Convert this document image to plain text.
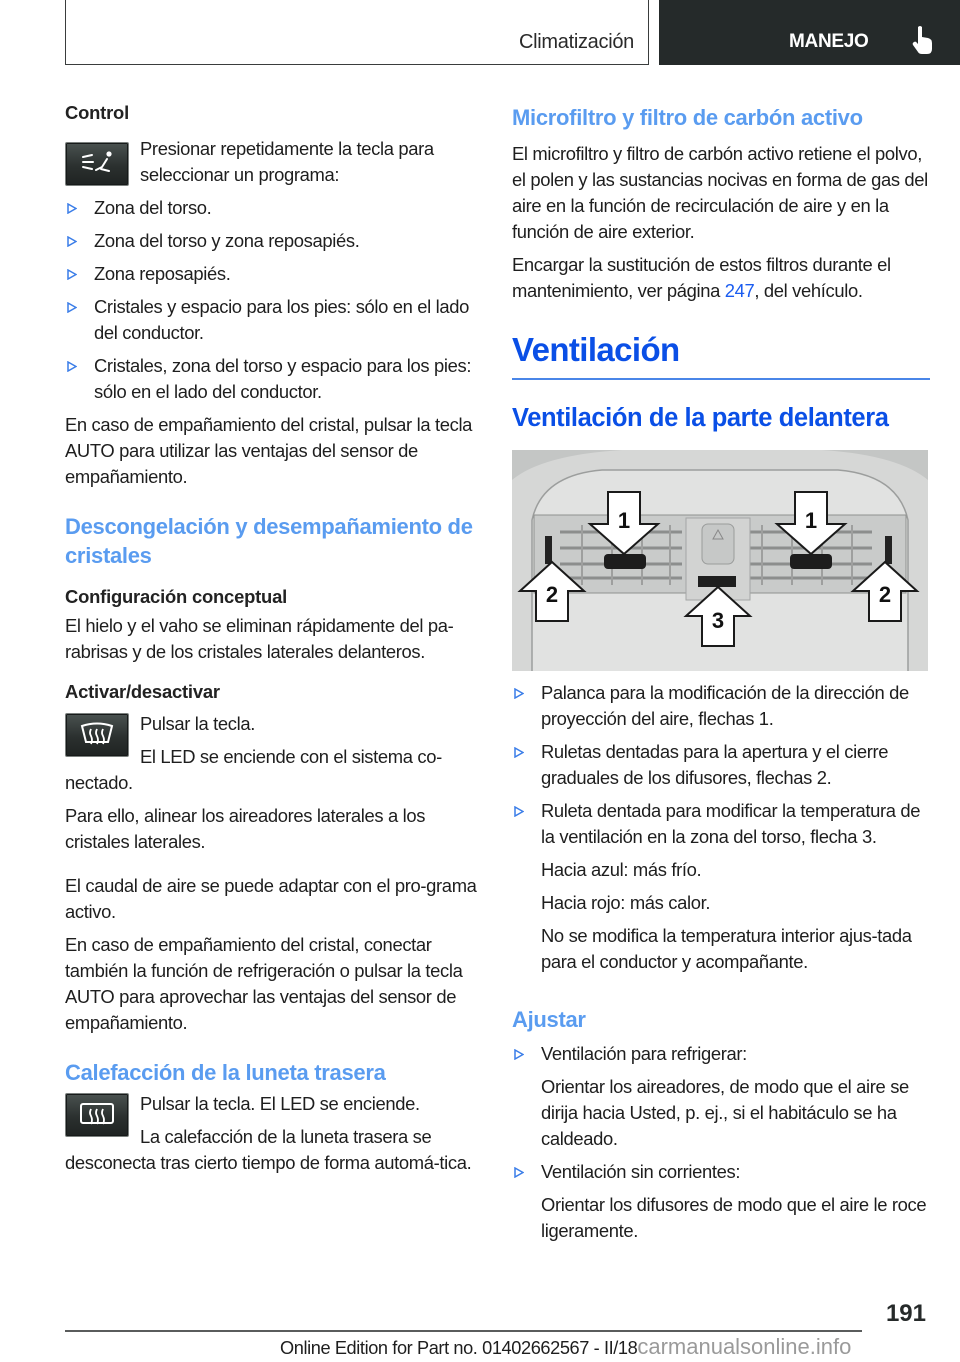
Climatización	MANEJO
Control
Presionar repetidamente la tecla para seleccionar un programa:
Zona del torso.
Zona del torso y zona reposapiés.
Zona reposapiés.
Cristales y espacio para los pies: sólo en el lado del conductor.
Cristales, zona del torso y espacio para los pies: sólo en el lado del conductor.
En caso de empañamiento del cristal, pulsar la tecla AUTO para utilizar las ventajas del sensor de empañamiento.
Descongelación y desempañamiento de cristales
Configuración conceptual
El hielo y el vaho se eliminan rápidamente del pa-rabrisas y de los cristales laterales delanteros.
Activar/desactivar
Pulsar la tecla.
El LED se enciende con el sistema co-nectado.
Para ello, alinear los aireadores laterales a los cristales laterales.
El caudal de aire se puede adaptar con el pro-grama activo.
En caso de empañamiento del cristal, conectar también la función de refrigeración o pulsar la tecla AUTO para aprovechar las ventajas del sensor de empañamiento.
Calefacción de la luneta trasera
Pulsar la tecla. El LED se enciende.
La calefacción de la luneta trasera se desconecta tras cierto tiempo de forma automá-tica.
Microfiltro y filtro de carbón activo
El microfiltro y filtro de carbón activo retiene el polvo, el polen y las sustancias nocivas en forma de gas del aire en la función de recirculación de aire y en la función de aire exterior.
Encargar la sustitución de estos filtros durante el mantenimiento, ver página 247, del vehículo.
Ventilación
Ventilación de la parte delantera
1	1
2	2
3
Palanca para la modificación de la dirección de proyección del aire, flechas 1.
Ruletas dentadas para la apertura y el cierre graduales de los difusores, flechas 2.
Ruleta dentada para modificar la temperatura de la ventilación en la zona del torso, flecha 3.
Hacia azul: más frío.
Hacia rojo: más calor.
No se modifica la temperatura interior ajus-tada para el conductor y acompañante.
Ajustar
Ventilación para refrigerar:
Orientar los aireadores, de modo que el aire se dirija hacia Usted, p. ej., si el habitáculo se ha caldeado.
Ventilación sin corrientes:
Orientar los difusores de modo que el aire le roce ligeramente.
191
Online Edition for Part no. 01402662567 - II/18carmanualsonline.info
